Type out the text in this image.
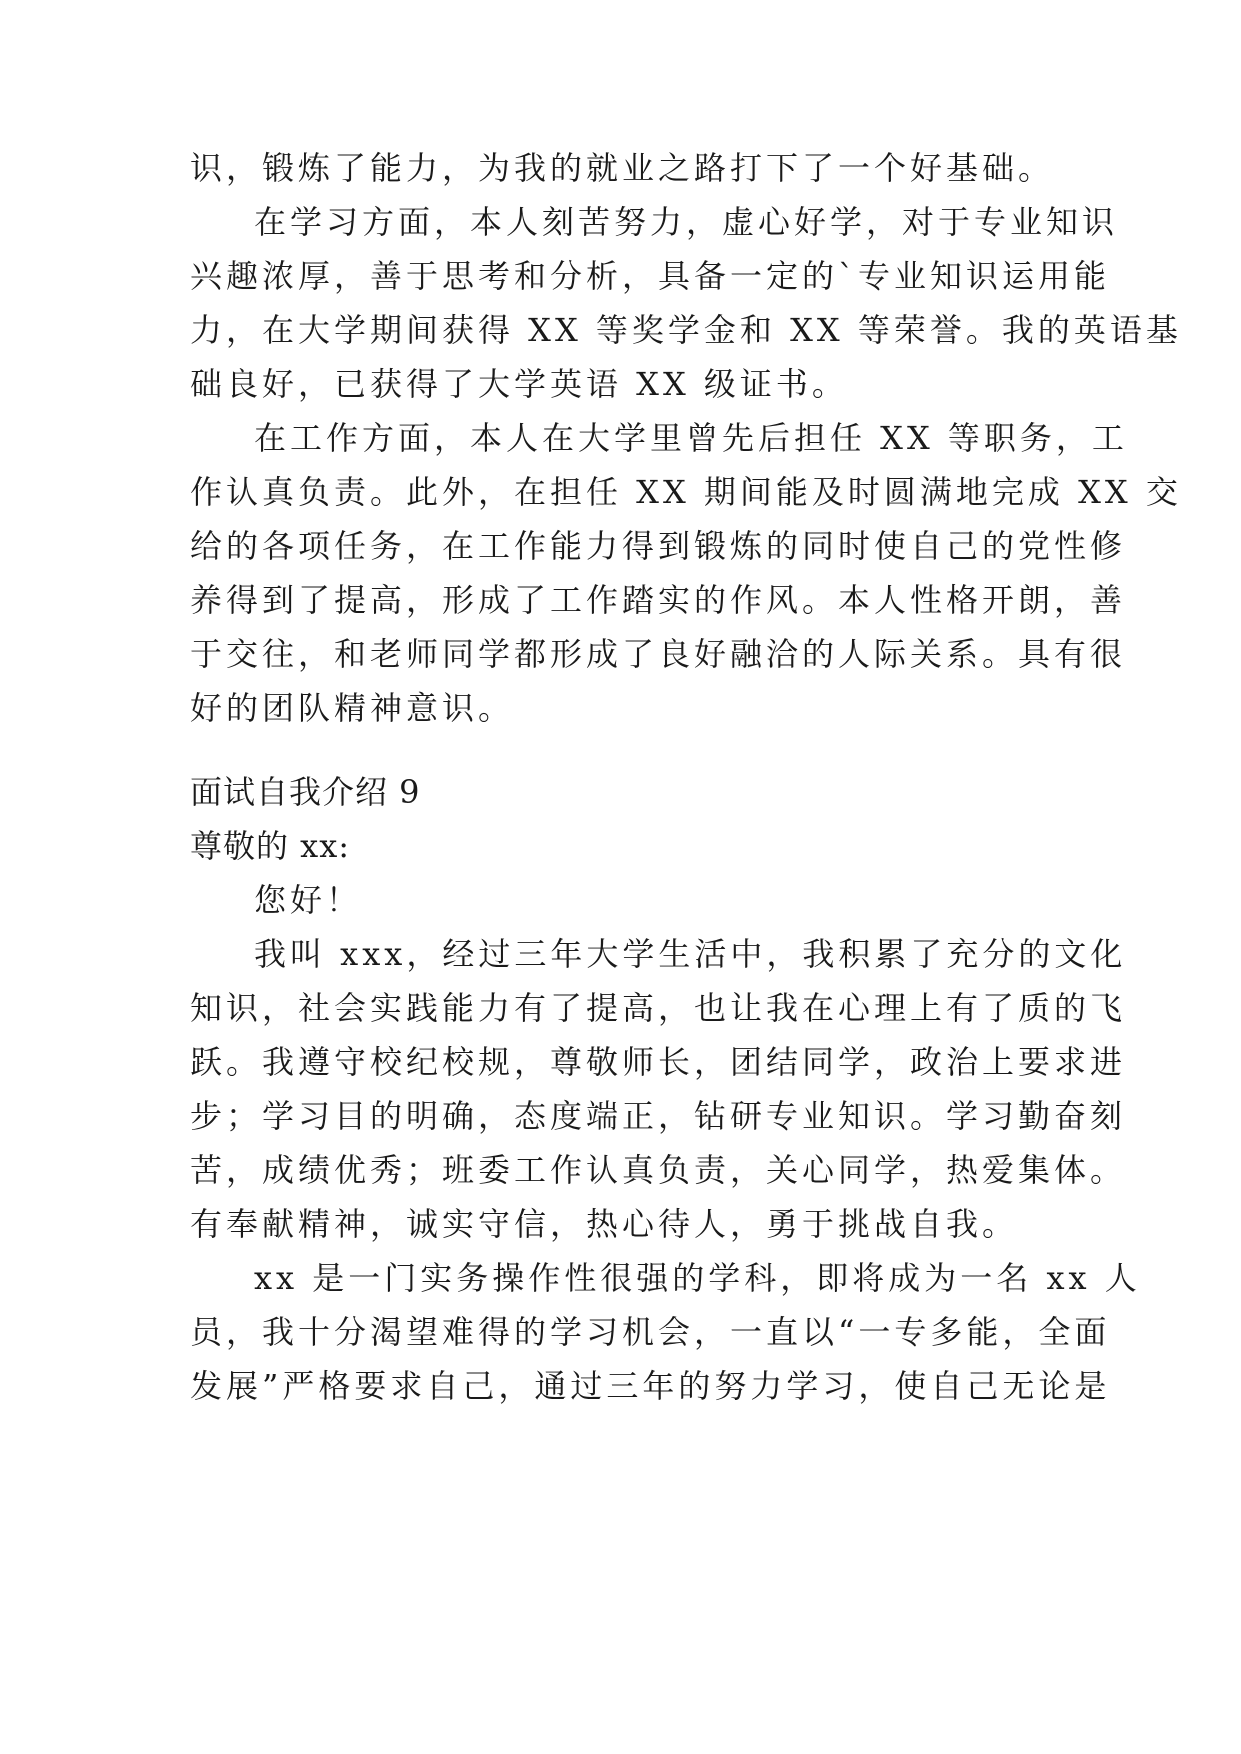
识，锻炼了能力，为我的就业之路打下了一个好基础。

在学习方面，本人刻苦努力，虚心好学，对于专业知识

兴趣浓厚，善于思考和分析，具备一定的`专业知识运用能

力，在大学期间获得 XX 等奖学金和 XX 等荣誉。我的英语基

础良好，已获得了大学英语 XX 级证书。

在工作方面，本人在大学里曾先后担任 XX 等职务，工

作认真负责。此外，在担任 XX 期间能及时圆满地完成 XX 交

给的各项任务，在工作能力得到锻炼的同时使自己的党性修

养得到了提高，形成了工作踏实的作风。本人性格开朗，善

于交往，和老师同学都形成了良好融洽的人际关系。具有很

好的团队精神意识。

面试自我介绍 9

尊敬的 xx:

您好！

我叫 xxx，经过三年大学生活中，我积累了充分的文化

知识，社会实践能力有了提高，也让我在心理上有了质的飞

跃。我遵守校纪校规，尊敬师长，团结同学，政治上要求进

步；学习目的明确，态度端正，钻研专业知识。学习勤奋刻

苦，成绩优秀；班委工作认真负责，关心同学，热爱集体。

有奉献精神，诚实守信，热心待人，勇于挑战自我。

xx 是一门实务操作性很强的学科，即将成为一名 xx 人

员，我十分渴望难得的学习机会，一直以“一专多能，全面

发展”严格要求自己，通过三年的努力学习，使自己无论是
